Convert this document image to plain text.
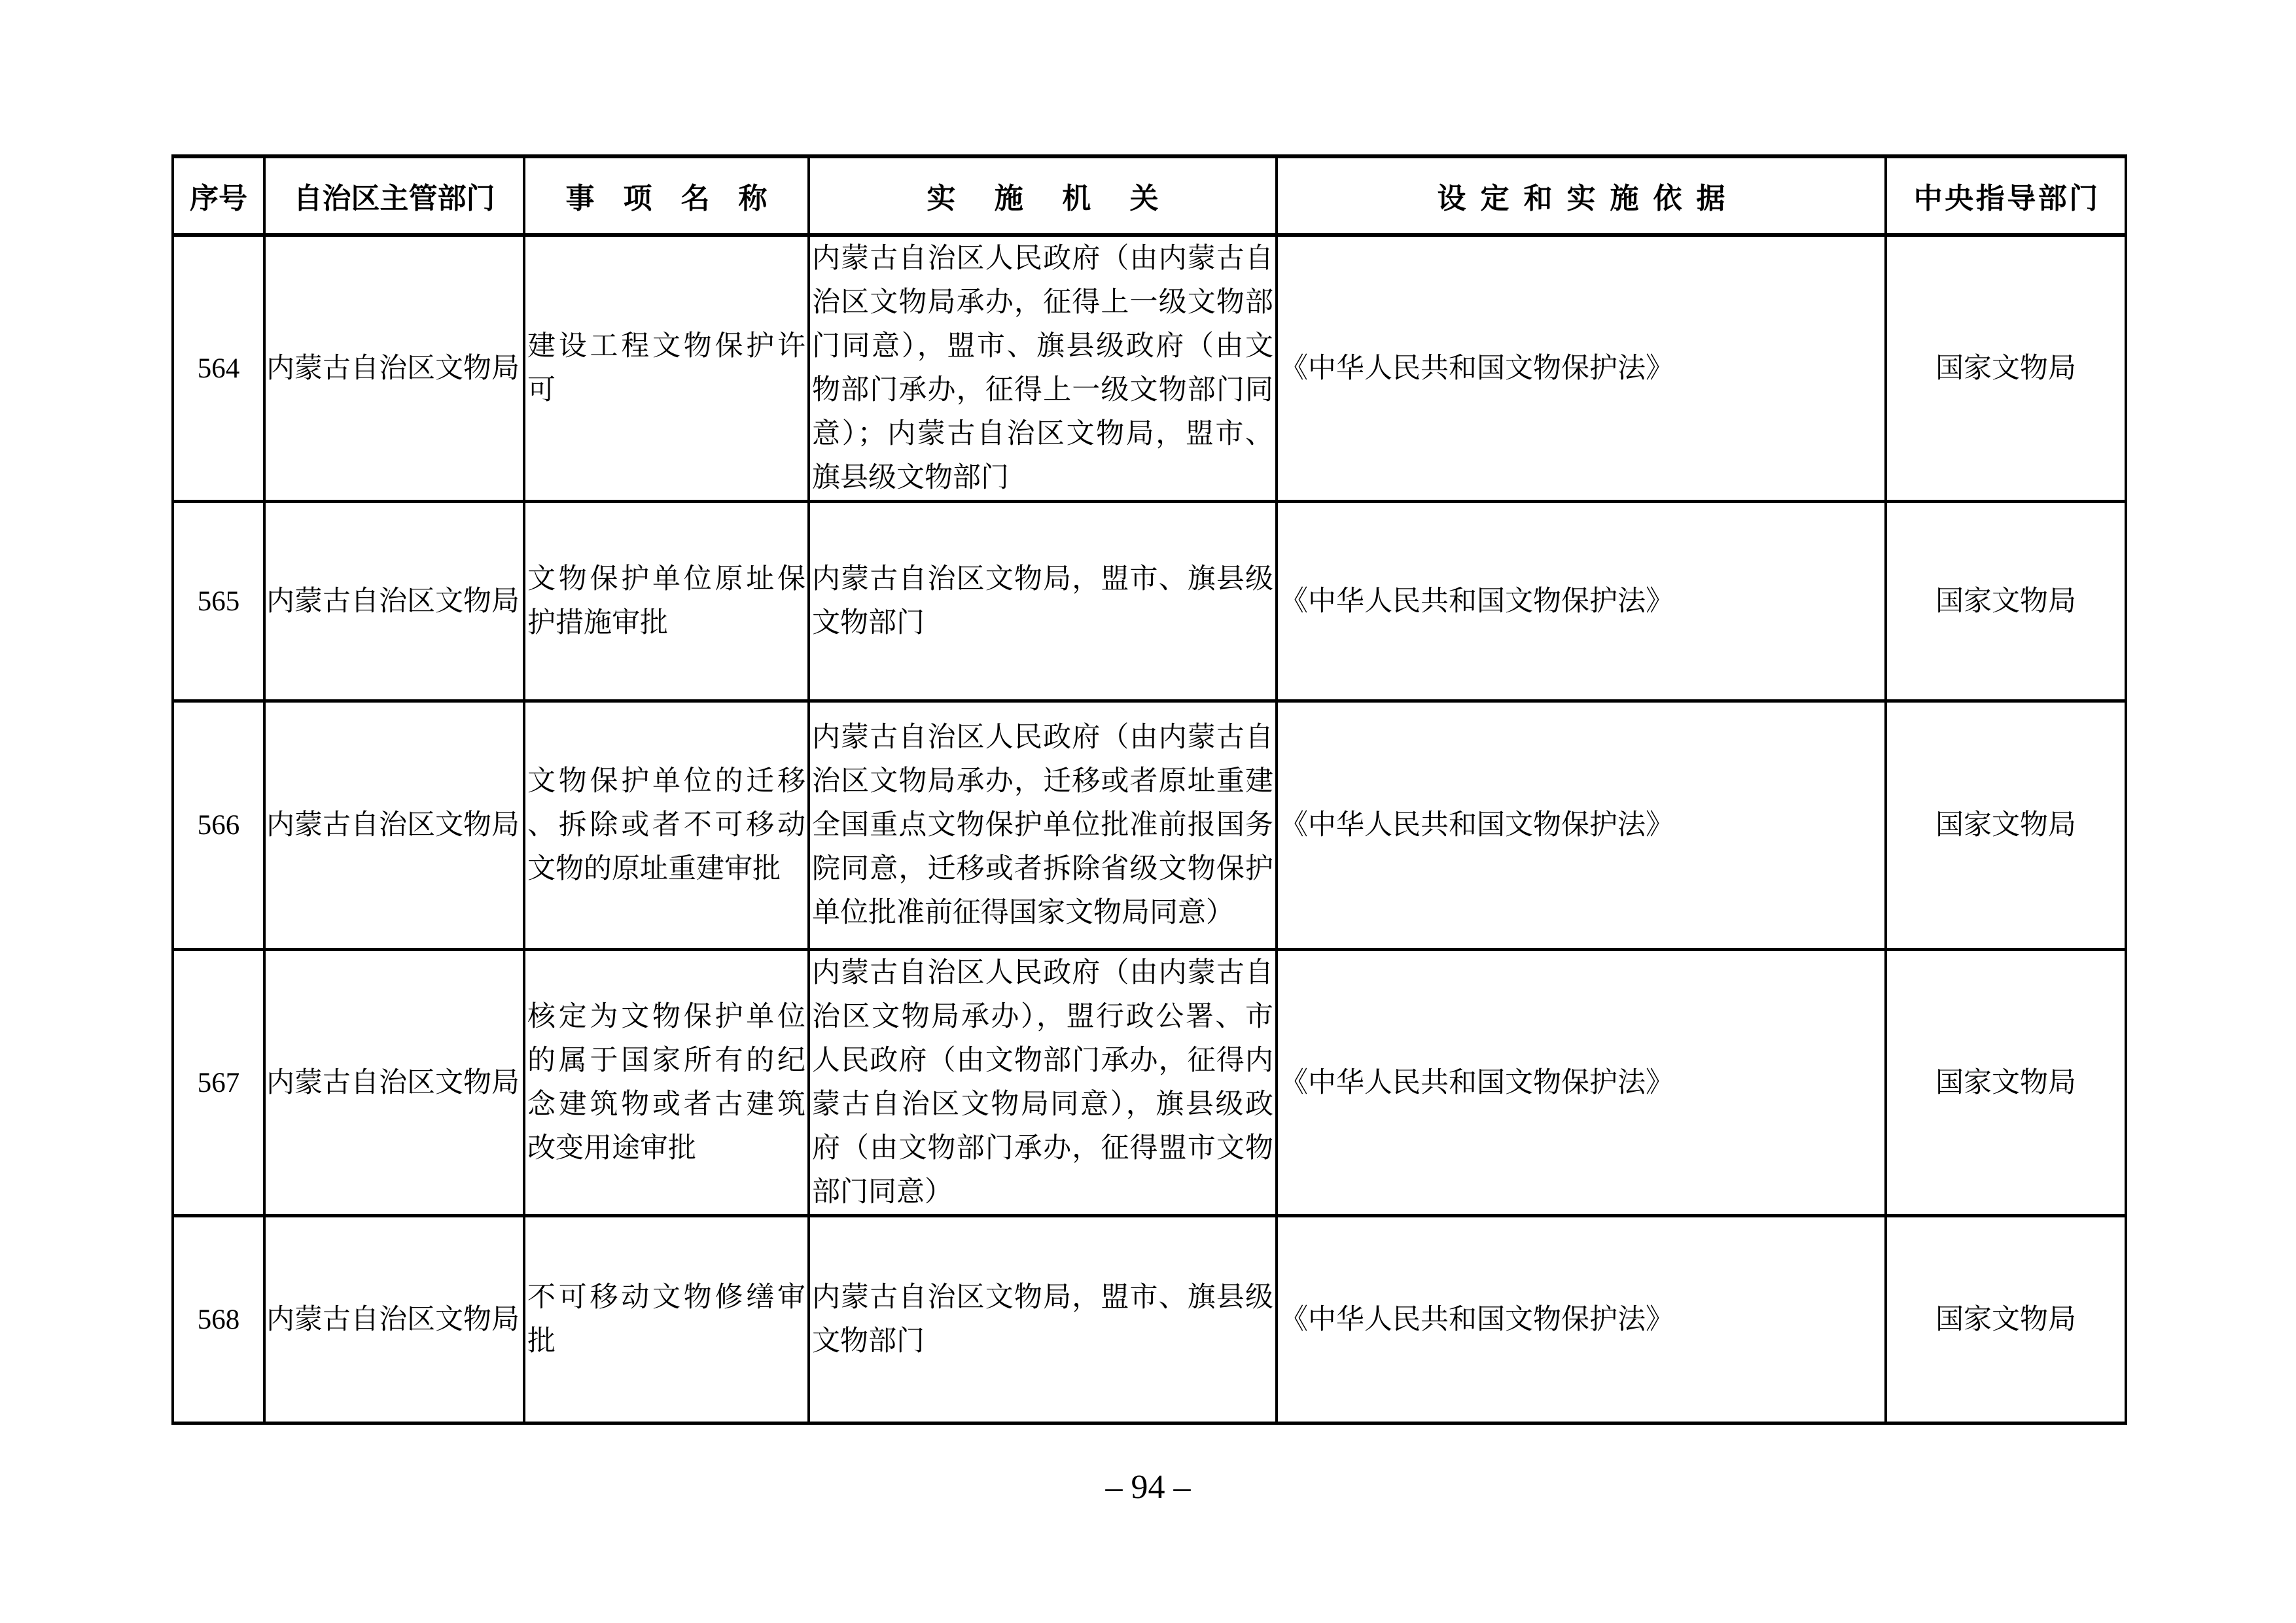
序号	自治区主管部门	事项名称	实施机关	设定和实施依据	中央指导部门
564	内蒙古自治区文物局	建设工程文物保护许可	内蒙古自治区人民政府（由内蒙古自治区文物局承办，征得上一级文物部门同意），盟市、旗县级政府（由文物部门承办，征得上一级文物部门同意）；内蒙古自治区文物局，盟市、旗县级文物部门	《中华人民共和国文物保护法》	国家文物局
565	内蒙古自治区文物局	文物保护单位原址保护措施审批	内蒙古自治区文物局，盟市、旗县级文物部门	《中华人民共和国文物保护法》	国家文物局
566	内蒙古自治区文物局	文物保护单位的迁移、拆除或者不可移动文物的原址重建审批	内蒙古自治区人民政府（由内蒙古自治区文物局承办，迁移或者原址重建全国重点文物保护单位批准前报国务院同意，迁移或者拆除省级文物保护单位批准前征得国家文物局同意）	《中华人民共和国文物保护法》	国家文物局
567	内蒙古自治区文物局	核定为文物保护单位的属于国家所有的纪念建筑物或者古建筑改变用途审批	内蒙古自治区人民政府（由内蒙古自治区文物局承办），盟行政公署、市人民政府（由文物部门承办，征得内蒙古自治区文物局同意），旗县级政府（由文物部门承办，征得盟市文物部门同意）	《中华人民共和国文物保护法》	国家文物局
568	内蒙古自治区文物局	不可移动文物修缮审批	内蒙古自治区文物局，盟市、旗县级文物部门	《中华人民共和国文物保护法》	国家文物局
– 94 –
